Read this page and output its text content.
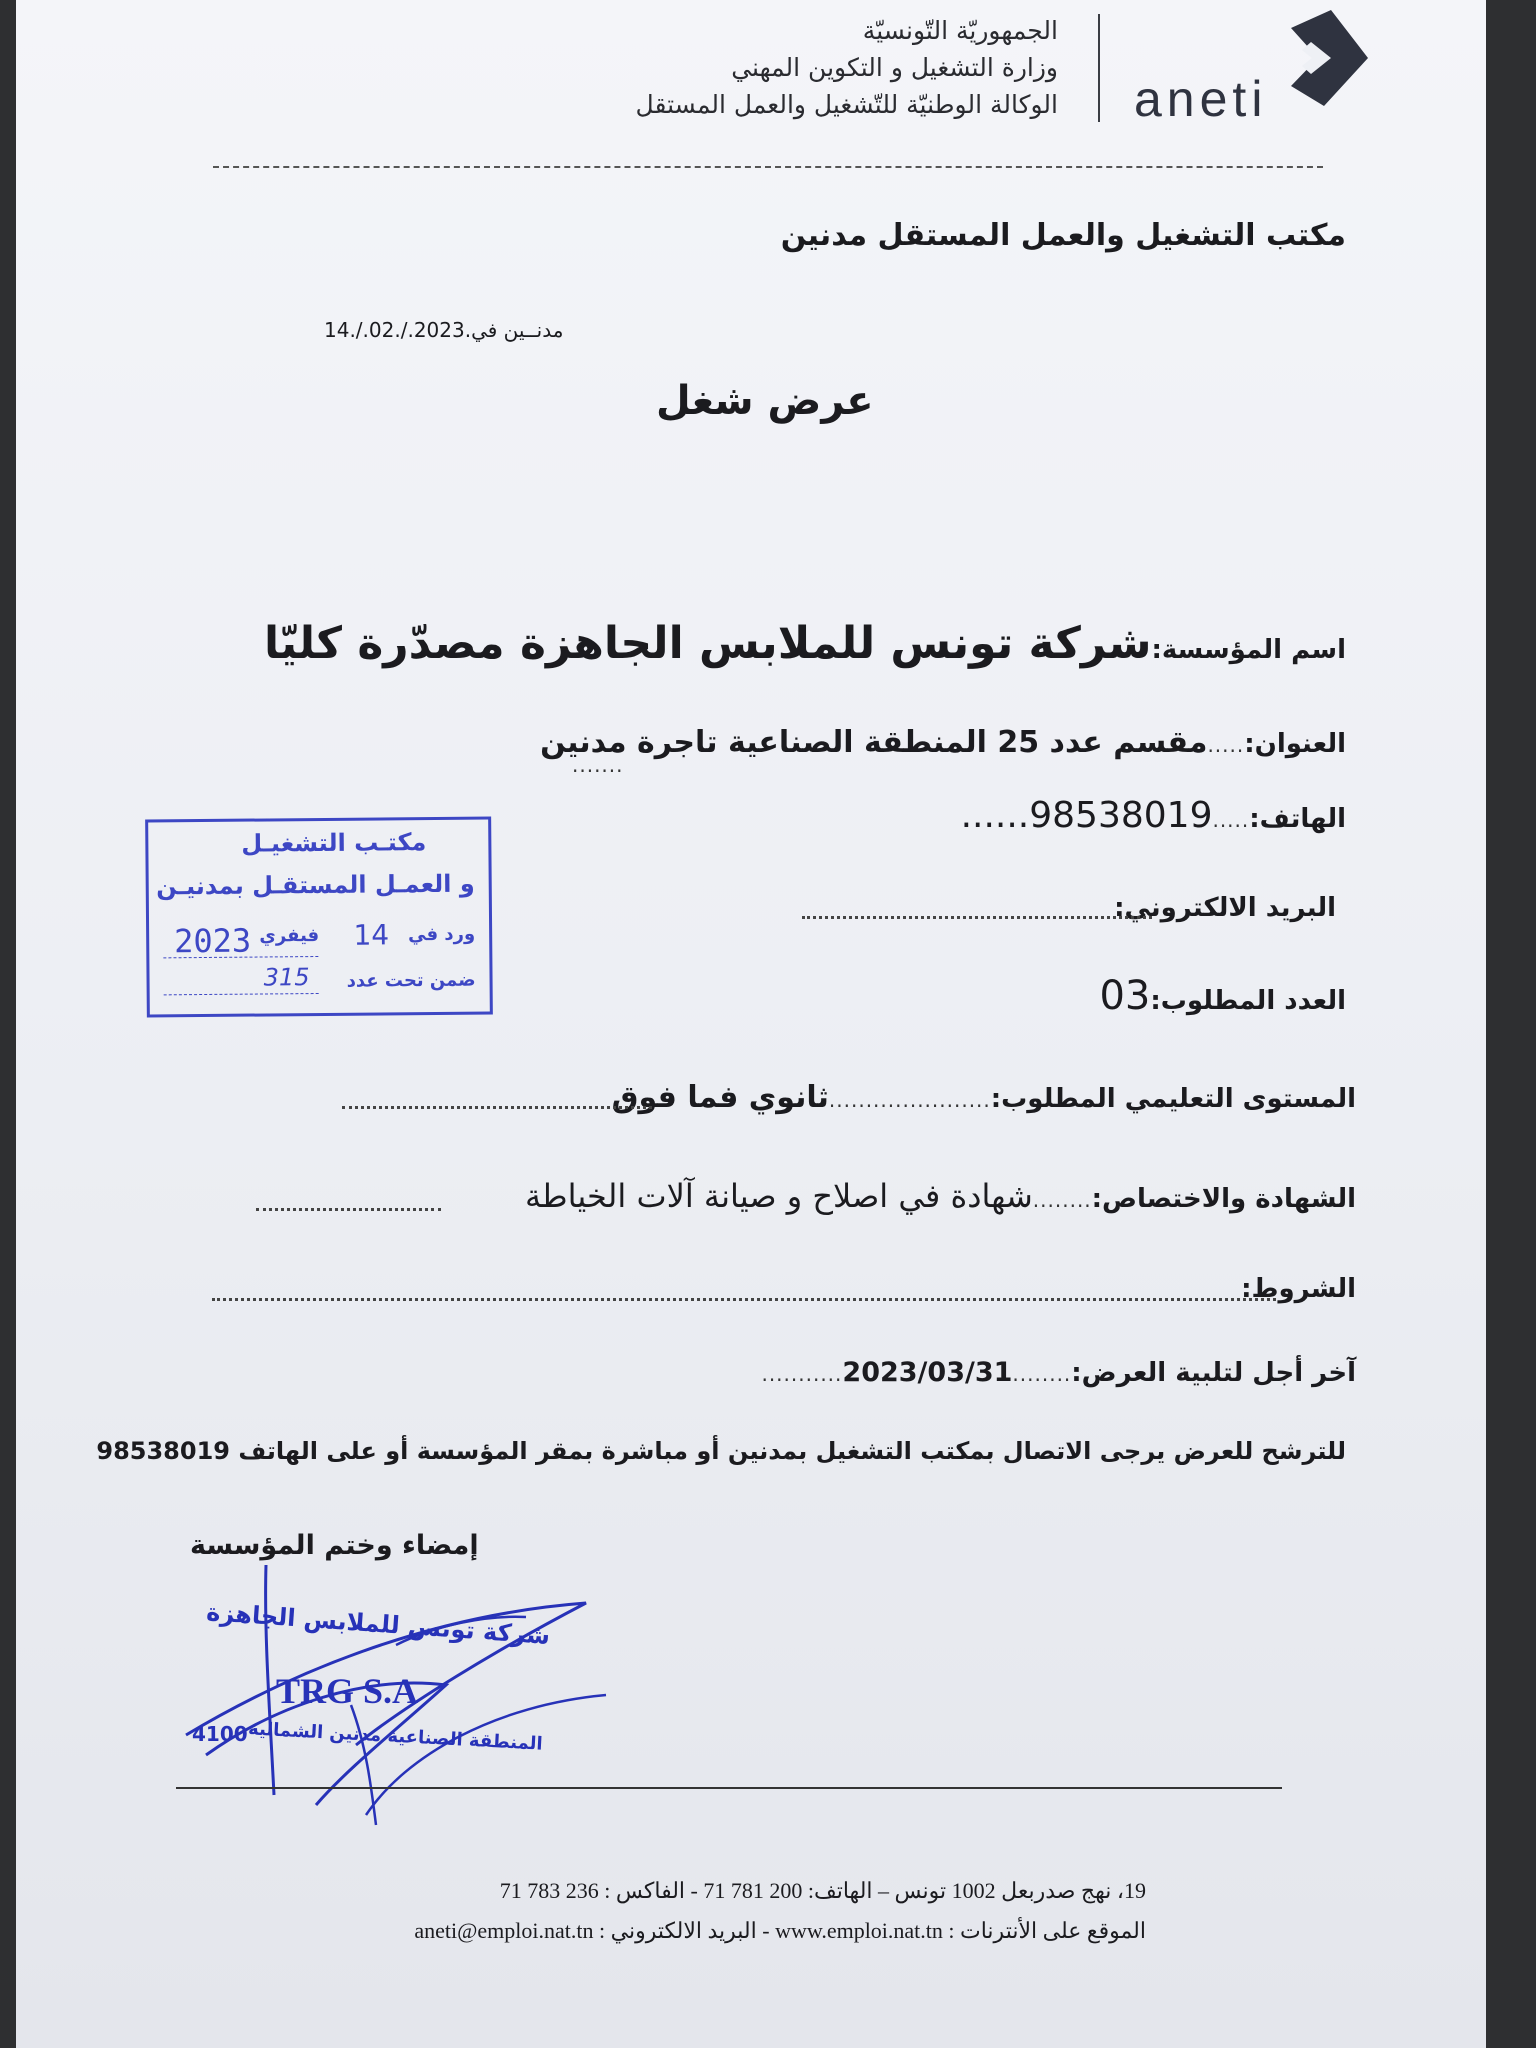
aneti
الجمهوريّة التّونسيّة
وزارة التشغيل و التكوين المهني
الوكالة الوطنيّة للتّشغيل والعمل المستقل
مكتب التشغيل والعمل المستقل مدنين
مدنــين في.2023./.02./.14
عرض شغل
اسم المؤسسة:
شركة تونس للملابس الجاهزة مصدّرة كليّا
العنوان:
.....
مقسم عدد 25 المنطقة الصناعية تاجرة مدنين
.......
الهاتف:
.....
98538019
......
البريد الالكتروني:
العدد المطلوب:
03
المستوى التعليمي المطلوب:
......................
ثانوي فما فوق
الشهادة والاختصاص:
........
شهادة في اصلاح و صيانة آلات الخياطة
الشروط:
آخر أجل لتلبية العرض:
........
2023/03/31
...........
للترشح للعرض يرجى الاتصال بمكتب التشغيل بمدنين أو مباشرة بمقر المؤسسة أو على الهاتف 98538019
إمضاء وختم المؤسسة
شركة تونس للملابس الجاهزة
TRG S.A
4100 المنطقة الصناعية مدنين الشمالية
مكتـب التشغيـل
و العمـل المستقـل بمدنيـن
ورد في
14
فيفري
2023
ضمن تحت عدد
315
19، نهج صدربعل 1002 تونس – الهاتف: 200 781 71 - الفاكس : 236 783 71
الموقع على الأنترنات : www.emploi.nat.tn - البريد الالكتروني : aneti@emploi.nat.tn
